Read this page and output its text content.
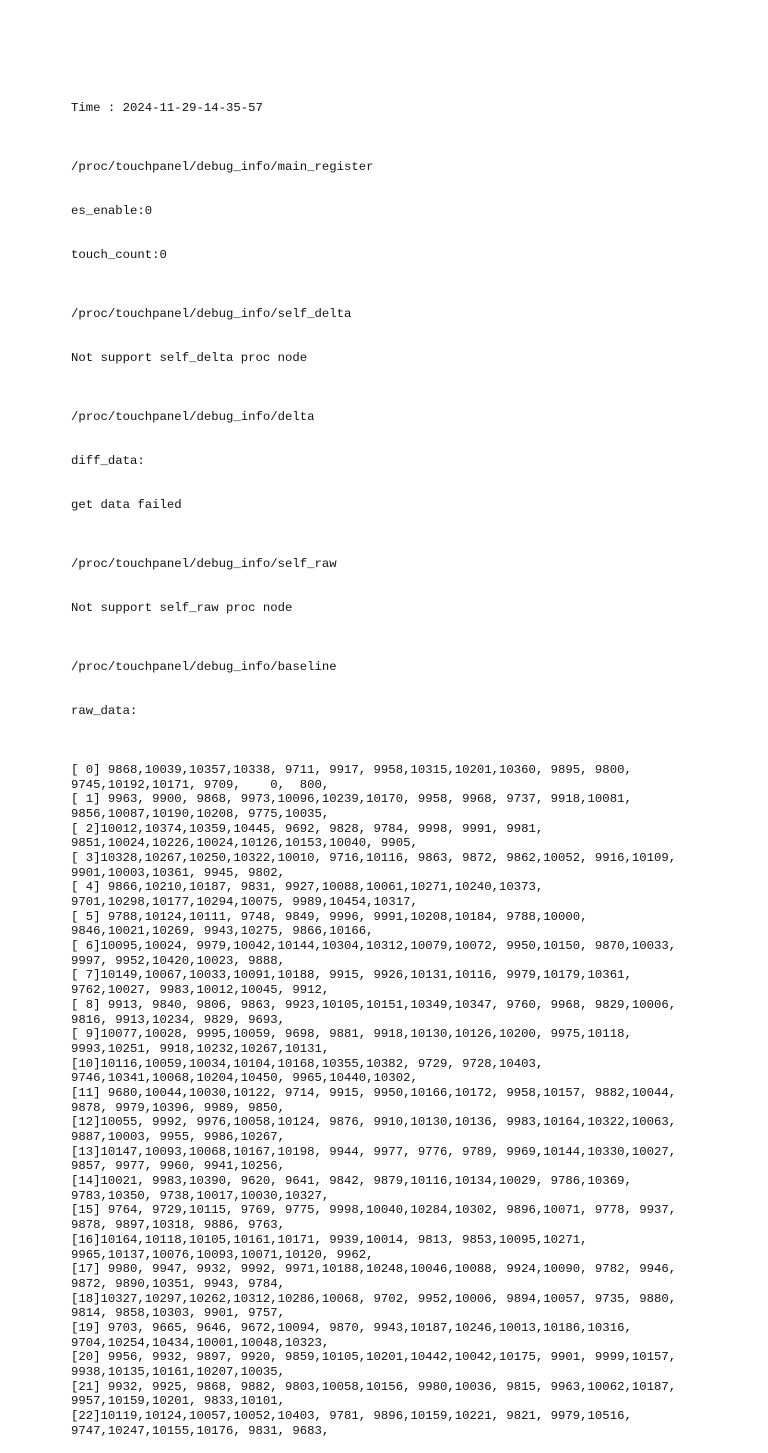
Time : 2024-11-29-14-35-57

/proc/touchpanel/debug_info/main_register

es_enable:0

touch_count:0

/proc/touchpanel/debug_info/self_delta

Not support self_delta proc node

/proc/touchpanel/debug_info/delta

diff_data:

get data failed

/proc/touchpanel/debug_info/self_raw

Not support self_raw proc node

/proc/touchpanel/debug_info/baseline

raw_data:

[ 0] 9868,10039,10357,10338, 9711, 9917, 9958,10315,10201,10360, 9895, 9800,
9745,10192,10171, 9709,    0,  800,
[ 1] 9963, 9900, 9868, 9973,10096,10239,10170, 9958, 9968, 9737, 9918,10081,
9856,10087,10190,10208, 9775,10035,
[ 2]10012,10374,10359,10445, 9692, 9828, 9784, 9998, 9991, 9981,
9851,10024,10226,10024,10126,10153,10040, 9905,
[ 3]10328,10267,10250,10322,10010, 9716,10116, 9863, 9872, 9862,10052, 9916,10109,
9901,10003,10361, 9945, 9802,
[ 4] 9866,10210,10187, 9831, 9927,10088,10061,10271,10240,10373,
9701,10298,10177,10294,10075, 9989,10454,10317,
[ 5] 9788,10124,10111, 9748, 9849, 9996, 9991,10208,10184, 9788,10000,
9846,10021,10269, 9943,10275, 9866,10166,
[ 6]10095,10024, 9979,10042,10144,10304,10312,10079,10072, 9950,10150, 9870,10033,
9997, 9952,10420,10023, 9888,
[ 7]10149,10067,10033,10091,10188, 9915, 9926,10131,10116, 9979,10179,10361,
9762,10027, 9983,10012,10045, 9912,
[ 8] 9913, 9840, 9806, 9863, 9923,10105,10151,10349,10347, 9760, 9968, 9829,10006,
9816, 9913,10234, 9829, 9693,
[ 9]10077,10028, 9995,10059, 9698, 9881, 9918,10130,10126,10200, 9975,10118,
9993,10251, 9918,10232,10267,10131,
[10]10116,10059,10034,10104,10168,10355,10382, 9729, 9728,10403,
9746,10341,10068,10204,10450, 9965,10440,10302,
[11] 9680,10044,10030,10122, 9714, 9915, 9950,10166,10172, 9958,10157, 9882,10044,
9878, 9979,10396, 9989, 9850,
[12]10055, 9992, 9976,10058,10124, 9876, 9910,10130,10136, 9983,10164,10322,10063,
9887,10003, 9955, 9986,10267,
[13]10147,10093,10068,10167,10198, 9944, 9977, 9776, 9789, 9969,10144,10330,10027,
9857, 9977, 9960, 9941,10256,
[14]10021, 9983,10390, 9620, 9641, 9842, 9879,10116,10134,10029, 9786,10369,
9783,10350, 9738,10017,10030,10327,
[15] 9764, 9729,10115, 9769, 9775, 9998,10040,10284,10302, 9896,10071, 9778, 9937,
9878, 9897,10318, 9886, 9763,
[16]10164,10118,10105,10161,10171, 9939,10014, 9813, 9853,10095,10271,
9965,10137,10076,10093,10071,10120, 9962,
[17] 9980, 9947, 9932, 9992, 9971,10188,10248,10046,10088, 9924,10090, 9782, 9946,
9872, 9890,10351, 9943, 9784,
[18]10327,10297,10262,10312,10286,10068, 9702, 9952,10006, 9894,10057, 9735, 9880,
9814, 9858,10303, 9901, 9757,
[19] 9703, 9665, 9646, 9672,10094, 9870, 9943,10187,10246,10013,10186,10316,
9704,10254,10434,10001,10048,10323,
[20] 9956, 9932, 9897, 9920, 9859,10105,10201,10442,10042,10175, 9901, 9999,10157,
9938,10135,10161,10207,10035,
[21] 9932, 9925, 9868, 9882, 9803,10058,10156, 9980,10036, 9815, 9963,10062,10187,
9957,10159,10201, 9833,10101,
[22]10119,10124,10057,10052,10403, 9781, 9896,10159,10221, 9821, 9979,10516,
9747,10247,10155,10176, 9831, 9683,
